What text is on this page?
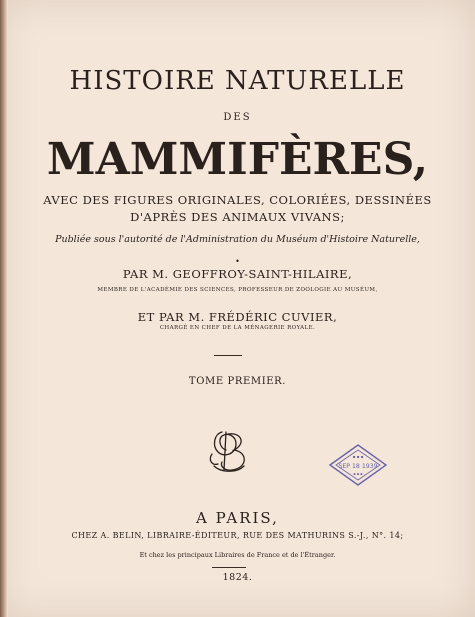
HISTOIRE NATURELLE
DES
MAMMIFÈRES,
AVEC DES FIGURES ORIGINALES, COLORIÉES, DESSINÉES
D'APRÈS DES ANIMAUX VIVANS;
Publiée sous l'autorité de l'Administration du Muséum d'Histoire Naturelle,
•
PAR M. GEOFFROY-SAINT-HILAIRE,
MEMBRE DE L'ACADÉMIE DES SCIENCES, PROFESSEUR DE ZOOLOGIE AU MUSÉUM,
ET PAR M. FRÉDÉRIC CUVIER,
CHARGÉ EN CHEF DE LA MÉNAGERIE ROYALE.
TOME PREMIER.
▪ ▪ ▪
SEP 18 1939
▪ ▪ ▪
A PARIS,
CHEZ A. BELIN, LIBRAIRE-ÉDITEUR, RUE DES MATHURINS S.-J., N°. 14;
Et chez les principaux Libraires de France et de l'Étranger.
1824.
